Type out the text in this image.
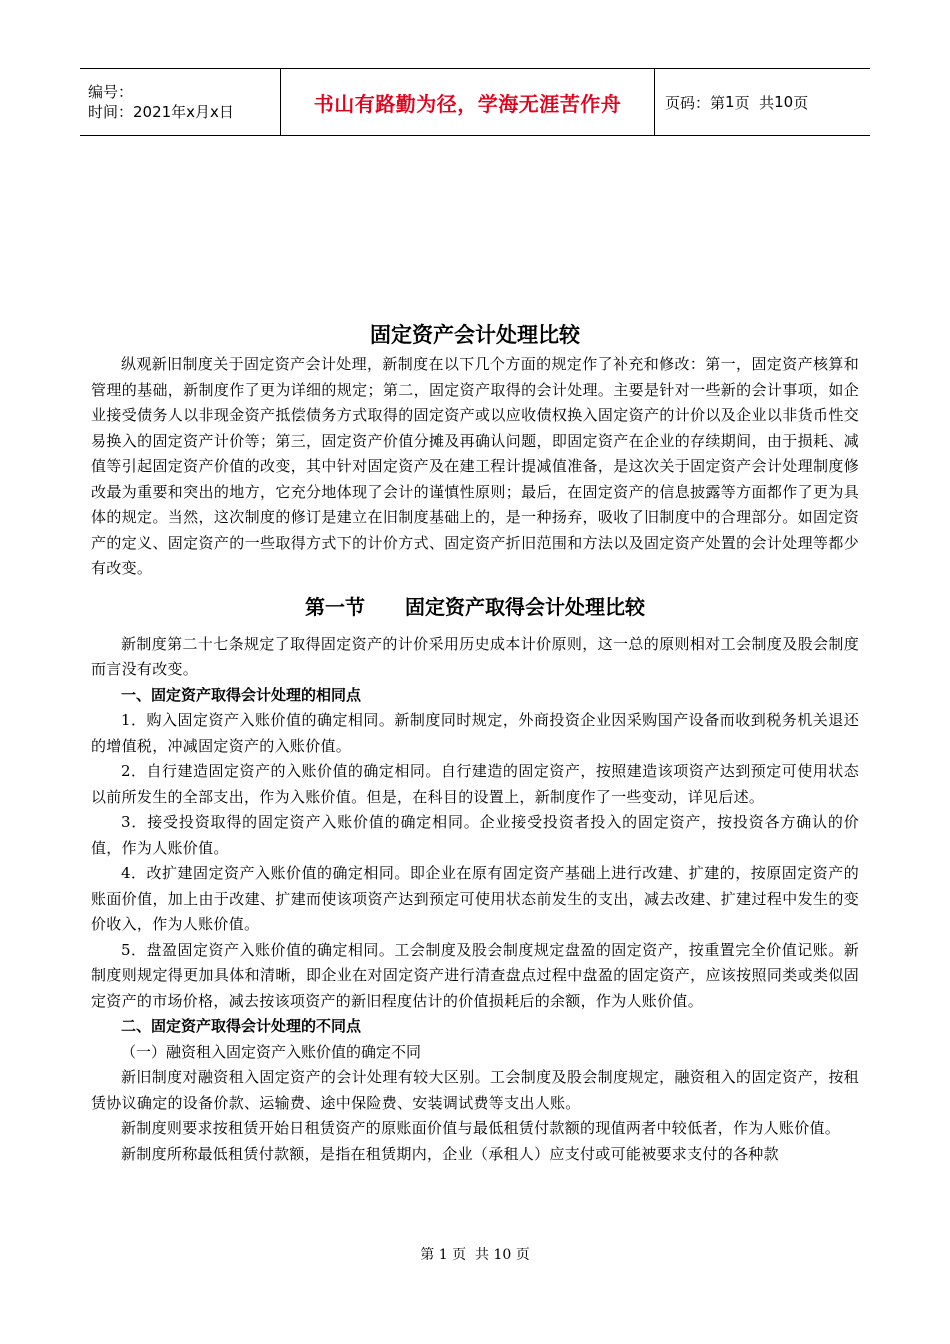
编号：
时间：2021年x月x日	书山有路勤为径，学海无涯苦作舟	页码：第 1 页  共 10 页
固定资产会计处理比较

纵观新旧制度关于固定资产会计处理，新制度在以下几个方面的规定作了补充和修改：第一，固定资产核算和管理的基础，新制度作了更为详细的规定；第二，固定资产取得的会计处理。主要是针对一些新的会计事项，如企业接受债务人以非现金资产抵偿债务方式取得的固定资产或以应收债权换入固定资产的计价以及企业以非货币性交易换入的固定资产计价等；第三，固定资产价值分摊及再确认问题，即固定资产在企业的存续期间，由于损耗、减值等引起固定资产价值的改变，其中针对固定资产及在建工程计提减值准备，是这次关于固定资产会计处理制度修改最为重要和突出的地方，它充分地体现了会计的谨慎性原则；最后，在固定资产的信息披露等方面都作了更为具体的规定。当然，这次制度的修订是建立在旧制度基础上的，是一种扬弃，吸收了旧制度中的合理部分。如固定资产的定义、固定资产的一些取得方式下的计价方式、固定资产折旧范围和方法以及固定资产处置的会计处理等都少有改变。

第一节 固定资产取得会计处理比较

新制度第二十七条规定了取得固定资产的计价采用历史成本计价原则，这一总的原则相对工会制度及股会制度而言没有改变。

一、固定资产取得会计处理的相同点

1．购入固定资产入账价值的确定相同。新制度同时规定，外商投资企业因采购国产设备而收到税务机关退还的增值税，冲减固定资产的入账价值。

2．自行建造固定资产的入账价值的确定相同。自行建造的固定资产，按照建造该项资产达到预定可使用状态以前所发生的全部支出，作为入账价值。但是，在科目的设置上，新制度作了一些变动，详见后述。

3．接受投资取得的固定资产入账价值的确定相同。企业接受投资者投入的固定资产，按投资各方确认的价值，作为人账价值。

4．改扩建固定资产入账价值的确定相同。即企业在原有固定资产基础上进行改建、扩建的，按原固定资产的账面价值，加上由于改建、扩建而使该项资产达到预定可使用状态前发生的支出，减去改建、扩建过程中发生的变价收入，作为人账价值。

5．盘盈固定资产入账价值的确定相同。工会制度及股会制度规定盘盈的固定资产，按重置完全价值记账。新制度则规定得更加具体和清晰，即企业在对固定资产进行清查盘点过程中盘盈的固定资产，应该按照同类或类似固定资产的市场价格，减去按该项资产的新旧程度估计的价值损耗后的余额，作为人账价值。

二、固定资产取得会计处理的不同点

（一）融资租入固定资产入账价值的确定不同

新旧制度对融资租入固定资产的会计处理有较大区别。工会制度及股会制度规定，融资租入的固定资产，按租赁协议确定的设备价款、运输费、途中保险费、安装调试费等支出人账。

新制度则要求按租赁开始日租赁资产的原账面价值与最低租赁付款额的现值两者中较低者，作为人账价值。

新制度所称最低租赁付款额，是指在租赁期内，企业（承租人）应支付或可能被要求支付的各种款

第 1 页  共 10 页
